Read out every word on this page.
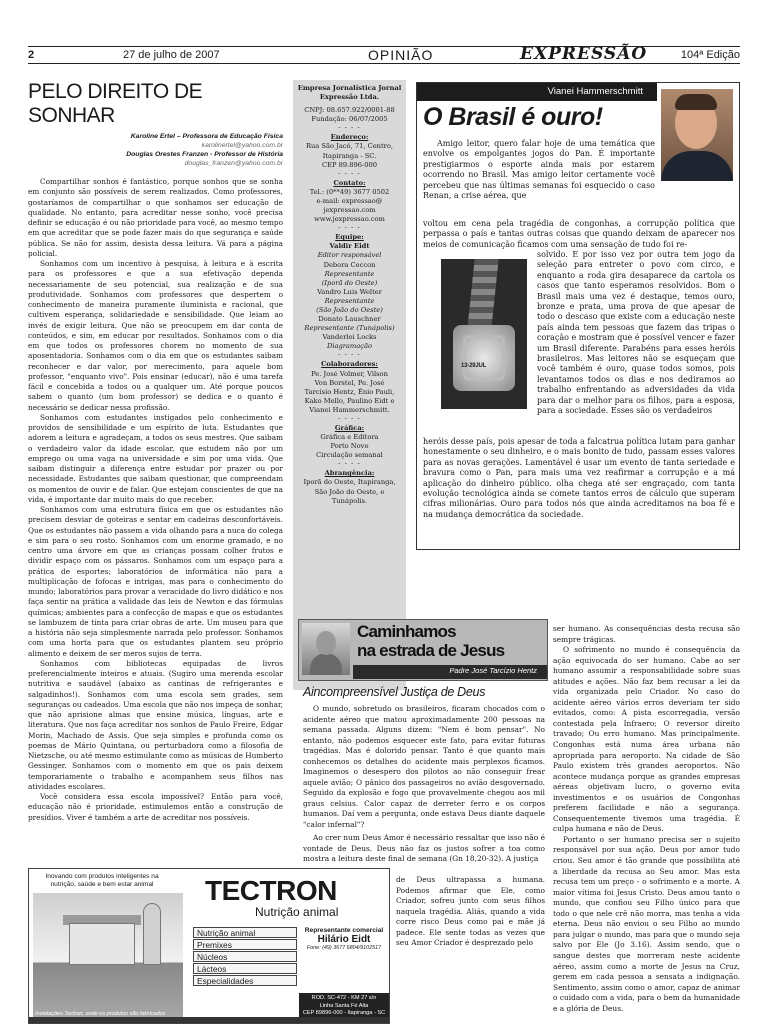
2	27 de julho de 2007	OPINIÃO	EXPRESSÃO	104ª Edição
PELO DIREITO DE SONHAR
Karoline Ertel – Professora de Educação Física
karolinertel@yahoo.com.br
Douglas Orestes Franzen - Professor de História
douglas_franzen@yahoo.com.br

Compartilhar sonhos é fantástico, porque sonhos que se sonha em conjunto são possíveis de serem realizados. Como professores, gostaríamos de compartilhar o que sonhamos ser educação de qualidade. No entanto, para acreditar nesse sonho, você precisa definir se educação é ou não prioridade para você, ao mesmo tempo em que acreditar que se pode fazer mais do que segurança e saúde pública. Se não for assim, desista dessa leitura. Vá para a página policial.

Sonhamos com um incentivo à pesquisa, à leitura e à escrita para os professores e que a sua efetivação dependa necessariamente de seu potencial, sua realização e de sua produtividade. Sonhamos com professores que despertem o conhecimento de maneira puramente iluminista e racional, que cultivem esperança, solidariedade e sensibilidade. Que leiam ao invés de exigir leitura. Que não se preocupem em dar conta de conteúdos, e sim, em educar por resultados. Sonhamos com o dia em que todos os professores chorem no momento de sua aposentadoria. Sonhamos com o dia em que os estudantes saibam reconhecer e dar valor, por merecimento, para aquele bom professor, "enquanto vivo". Pois ensinar (educar), não é uma tarefa fácil e concebida a todos ou a qualquer um. Até porque poucos sabem o quanto (um bom professor) se dedica e o quanto é necessário se dedicar nessa profissão.

Sonhamos com estudantes instigados pelo conhecimento e providos de sensibilidade e um espírito de luta. Estudantes que adorem a leitura e agradeçam, a todos os seus mestres. Que saibam o verdadeiro valor da idade escolar, que estudem não por um emprego ou uma vaga na universidade e sim por uma vida. Que saibam distinguir a diferença entre estudar por prazer ou por necessidade. Estudantes que saibam questionar, que compreendam os momentos de ouvir e de falar. Que estejam conscientes de que na vida, é importante dar muito mais do que receber.

Sonhamos com uma estrutura física em que os estudantes não precisem desviar de goteiras e sentar em cadeiras desconfortáveis. Que os estudantes não passem a vida olhando para a nuca do colega e sim para o seu rosto. Sonhamos com um enorme gramado, e no centro uma árvore em que as crianças possam colher frutos e dividir espaço com os pássaros. Sonhamos com um espaço para a prática de esportes; laboratórios de informática não para a multiplicação de fofocas e intrigas, mas para o conhecimento do mundo; laboratórios para provar a veracidade do livro didático e nos faça sentir na prática a validade das leis de Newton e das fórmulas químicas; ambientes para a confecção de mapas e que os estudantes se lambuzem de tinta para criar obras de arte. Um museu para que a história não seja simplesmente narrada pelo professor. Sonhamos com uma horta para que os estudantes plantem seu próprio alimento e deixem de ser meros sujos de terra.

Sonhamos com bibliotecas equipadas de livros preferencialmente inteiros e atuais. (Sugiro uma merenda escolar nutritiva e saudável (abaixo as cantinas de refrigerantes e salgadinhos!). Sonhamos com uma escola sem grades, sem seguranças ou cadeados. Uma escola que não nos impeça de sonhar, que não aprisione almas que ensine música, línguas, arte e literatura. Que nos faça acreditar nos sonhos de Paulo Freire, Edgar Morin, Machado de Assis. Que seja simples e profunda como os poemas de Mário Quintana, ou perturbadora como a filosofia de Nietzsche, ou até mesmo estimulante como as músicas de Humberto Gessinger. Sonhamos com o momento em que os pais deixem temporariamente o trabalho e acompanhem seus filhos nas atividades escolares.

Você considera essa escola impossível? Então para você, educação não é prioridade, estimulemos então a construção de presídios. Viver é também a arte de acreditar nos possíveis.

Empresa Jornalística Jornal Expressão Ltda.
CNPJ: 08.657.922/0001-88
Fundação: 06/07/2005
- - - -
Endereço:
Rua São Jacó, 71, Centro,
Itapiranga - SC.
CEP 89.896-000
- - - -
Contato:
Tel.: (0**49) 3677 0502
e-mail: expressao@
jexpressao.com
www.jexpressao.com
- - - -
Equipe:
Valdir Eidt
Editor responsável
Debora Ceccon
Representante
(Iporã do Oeste)
Vandro Luis Welter
Representante
(São João do Oeste)
Donato Lauschner
Representante (Tunápolis)
Vanderlei Locks
Diagramação
- - - -
Colaboradores:
Pe. José Volmer, Vilson
Von Borstel, Pe. José
Tarcísio Hentz, Ênio Pauli,
Kako Mello, Paulino Eidt e
Vianei Hammerschmitt.
- - - -
Gráfica:
Gráfica e Editora
Porto Novo
Circulação semanal
- - - -
Abrangência:
Iporã do Oeste, Itapiranga,
São João do Oeste, e
Tunápolis.
Vianei Hammerschmitt
O Brasil é ouro!
Amigo leitor, quero falar hoje de uma temática que envolve os empolgantes jogos do Pan. É importante prestigiarmos o esporte ainda mais por estarem ocorrendo no Brasil. Mas amigo leitor certamente você percebeu que nas últimas semanas foi esquecido o caso Renan, a crise aérea, que
voltou em cena pela tragédia de congonhas, a corrupção política que perpassa o país e tantas outras coisas que quando deixam de aparecer nos meios de comunicação ficamos com uma sensação de tudo foi re-
13-29JUL
solvido. E por isso vez por outra tem jogo da seleção para entreter o povo com circo, e enquanto a roda gira desaparece da cartola os casos que tanto esperamos resolvidos. Bom o Brasil mais uma vez é destaque, temos ouro, bronze e prata, uma prova de que apesar de todo o descaso que existe com a educação neste país ainda tem pessoas que fazem das tripas o coração e mostram que é possível vencer e fazer um Brasil diferente. Parabéns para esses heróis brasileiros. Mas leitores não se esqueçam que você também é ouro, quase todos somos, pois levantamos todos os dias e nos dediramos ao trabalho enfrentando as adversidades da vida para dar o melhor para os filhos, para a esposa, para a sociedade. Esses são os verdadeiros
heróis desse país, pois apesar de toda a falcatrua política lutam para ganhar honestamente o seu dinheiro, e o mais bonito de tudo, passam esses valores para as novas gerações. Lamentável é usar um evento de tanta seriedade e bravura como o Pan, para mais uma vez reafirmar a corrupção e a má aplicação do dinheiro público. olha chega até ser engraçado, com tanta evolução tecnológica ainda se comete tantos erros de cálculo que superam cifras milionárias. Ouro para todos nós que ainda acreditamos na boa fé e na mudança democrática da sociedade.
Caminhamos
na estrada de Jesus
Padre José Tarcízio Hentz
Aincompreensível Justiça de Deus
O mundo, sobretudo os brasileiros, ficaram chocados com o acidente aéreo que matou aproximadamente 200 pessoas na semana passada. Alguns dizem: "Nem é bom pensar". No entanto, não podemos esquecer este fato, para evitar futuras tragédias. Mas é dolorido pensar. Tanto é que quanto mais conhecemos os detalhes do acidente mais perplexos ficamos. Imaginemos o desespero dos pilotos ao não conseguir frear aquele avião; O pânico dos passageiros no avião desgovernado. Seguido da explosão e fogo que provavelmente chegou aos mil graus celsius. Calor capaz de derreter ferro e os corpos humanos. Daí vem a pergunta, onde estava Deus diante daquele "calor infernal"?
Ao crer num Deus Amor é necessário ressaltar que isso não é vontade de Deus. Deus não faz os justos sofrer a toa como mostra a leitura deste final de semana (Gn 18,20-32). A justiça
de Deus ultrapassa a humana. Podemos afirmar que Ele, como Criador, sofreu junto com seus filhos naquela tragédia. Aliás, quando a vida corre risco Deus como pai e mãe já padece. Ele sente todas as vezes que seu Amor Criador é desprezado pelo

ser humano. As consequências desta recusa são sempre trágicas.

O sofrimento no mundo é consequência da ação equivocada do ser humano. Cabe ao ser humano assumir a responsabilidade sobre suas atitudes e ações. Não faz bem recusar a lei da vida organizada pelo Criador. No caso do acidente aéreo vários erros deveriam ter sido evitados, como: A pista escorregadia, versão contestada pela Infraero; O reversor direito travado; Ou erro humano. Mas principalmente. Congonhas está numa área urbana não apropriada para aeroporto. Na cidade de São Paulo existem três grandes aeroportos. Não acontece mudança porque as grandes empresas aéreas objetivam lucro, o governo evita investimentos e os usuários de Congonhas preferem facilidade e não a segurança. Consequentemente tivemos uma tragédia. É culpa humana e não de Deus.

Portanto o ser humano precisa ser o sujeito responsável por sua ação. Deus por amor tudo criou. Seu amor é tão grande que possibilita até a liberdade da recusa ao Seu amor. Mas esta recusa tem um preço - o sofrimento e a morte. A maior vítima foi Jesus Cristo. Deus amou tanto o mundo, que confiou seu Filho único para que todo o que nele crê não morra, mas tenha a vida eterna. Deus não enviou o seu Filho ao mundo para julgar o mundo, mas para que o mundo seja salvo por Ele (Jo 3.16). Assim sendo, que o sangue destes que morreram neste acidente aéreo, assim como a morte de Jesus na Cruz, gerem em cada pessoa a sensata a indignação. Sentimento, assim como o amor, capaz de animar o cuidado com a vida, para o bem da humanidade e a glória de Deus.

Inovando com produtos inteligentes na nutrição, saúde e bem estar animal
Instalações Tectron, onde os produtos são fabricados
TECTRON
Nutrição animal
Nutrição animal
Premixes
Núcleos
Lácteos
Especialidades
Representante comercial
Hilário Eidt
Fone: (49) 3677 6804/9102517
ROD. SC-472 - KM 27 s/n
Linha Santa Fé Alta
CEP 89896-000 - Itapiranga - SC
